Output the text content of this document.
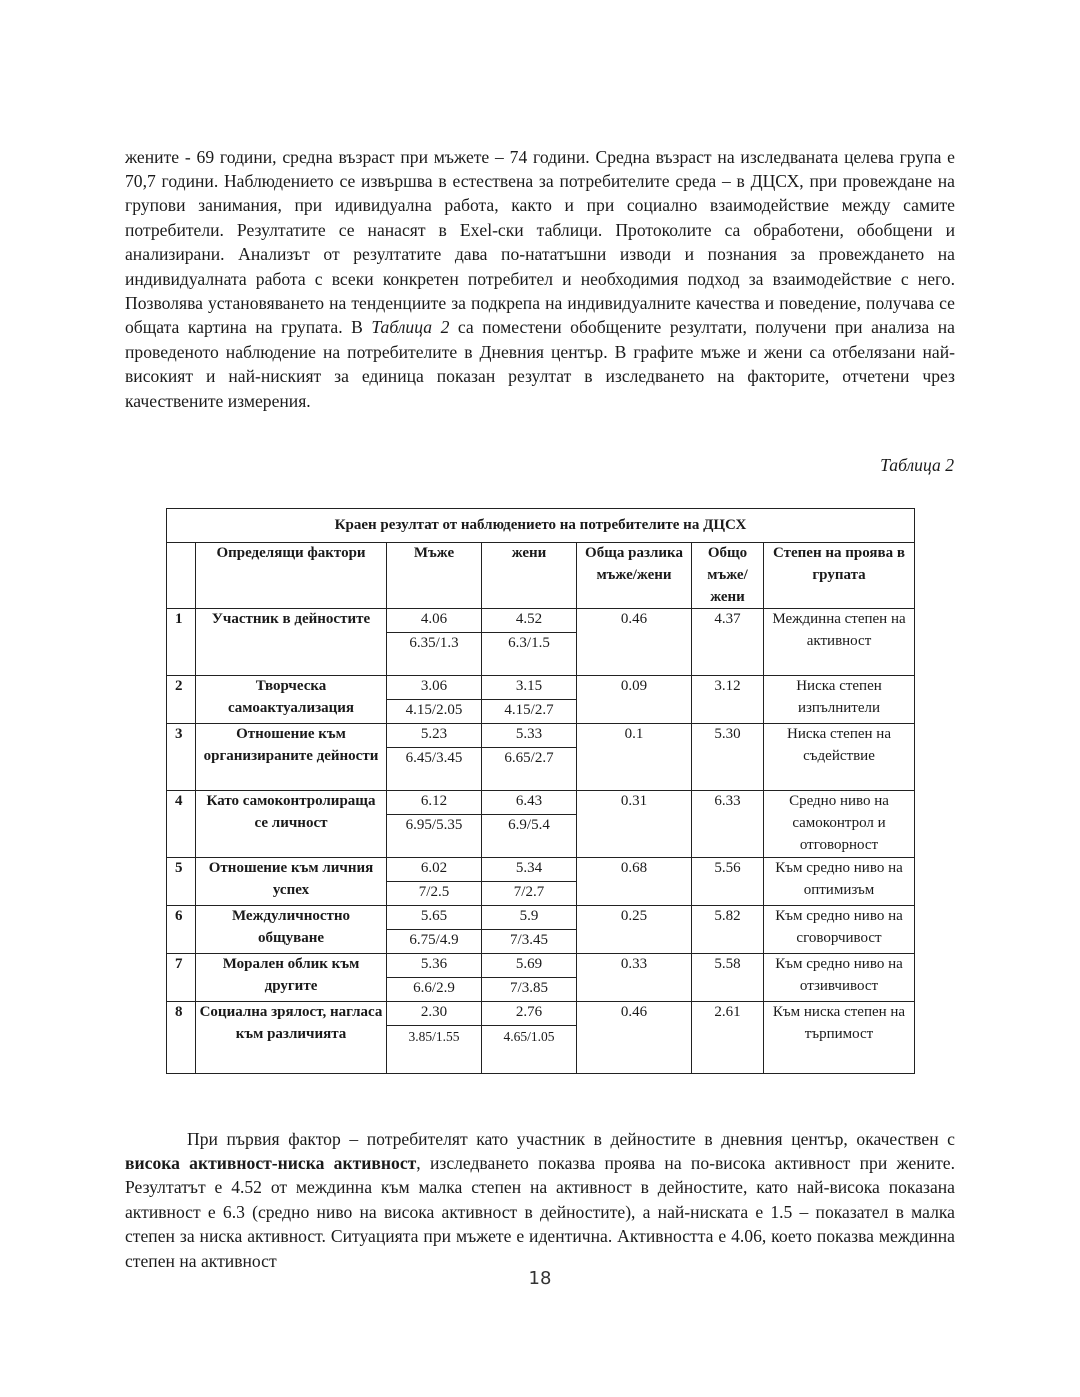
жените - 69 години, средна възраст при мъжете – 74 години. Средна възраст на изследваната целева група е 70,7 години. Наблюдението се извършва в естествена за потребителите среда – в ДЦСХ, при провеждане на групови занимания, при идивидуална работа, както и при социално взаимодействие между самите потребители. Резултатите се нанасят в Exel-ски таблици. Протоколите са обработени, обобщени и анализирани. Анализът от резултатите дава по-нататъшни изводи и познания за провеждането на индивидуалната работа с всеки конкретен потребител и необходимия подход за взаимодействие с него. Позволява установяването на тенденциите за подкрепа на индивидуалните качества и поведение, получава се общата картина на групата. В Таблица 2 са поместени обобщените резултати, получени при анализа на проведеното наблюдение на потребителите в Дневния център. В графите мъже и жени са отбелязани най-високият и най-ниският за единица показан резултат в изследването на факторите, отчетени чрез качествените измерения.

Таблица 2
Краен резултат от наблюдението на потребителите на ДЦСХ						
	Определящи фактори	Мъже	жени	Обща разлика мъже/жени	Общо мъже/ жени	Степен на проява в групата
1	Участник в дейностите	4.06	4.52	0.46	4.37	Междинна степен на активност
		6.35/1.3	6.3/1.5			
2	Творческа самоактуализация	3.06	3.15	0.09	3.12	Ниска степен изпълнители
		4.15/2.05	4.15/2.7			
3	Отношение към организираните дейности	5.23	5.33	0.1	5.30	Ниска степен на съдействие
		6.45/3.45	6.65/2.7			
4	Като самоконтролираща се личност	6.12	6.43	0.31	6.33	Средно ниво на самоконтрол и отговорност
		6.95/5.35	6.9/5.4			
5	Отношение към личния успех	6.02	5.34	0.68	5.56	Към средно ниво на оптимизъм
		7/2.5	7/2.7			
6	Междуличностно общуване	5.65	5.9	0.25	5.82	Към средно ниво на сговорчивост
		6.75/4.9	7/3.45			
7	Морален облик към другите	5.36	5.69	0.33	5.58	Към средно ниво на отзивчивост
		6.6/2.9	7/3.85			
8	Социална зрялост, нагласа към различията	2.30	2.76	0.46	2.61	Към ниска степен на търпимост
		3.85/1.55	4.65/1.05			

При първия фактор – потребителят като участник в дейностите в дневния център, окачествен с висока активност-ниска активност, изследването показва проява на по-висока активност при жените. Резултатът е 4.52 от междинна към малка степен на активност в дейностите, като най-висока показана активност е 6.3 (средно ниво на висока активност в дейностите), а най-ниската е 1.5 – показател в малка степен за ниска активност. Ситуацията при мъжете е идентична. Активността е 4.06, което показва междинна степен на активност

18
